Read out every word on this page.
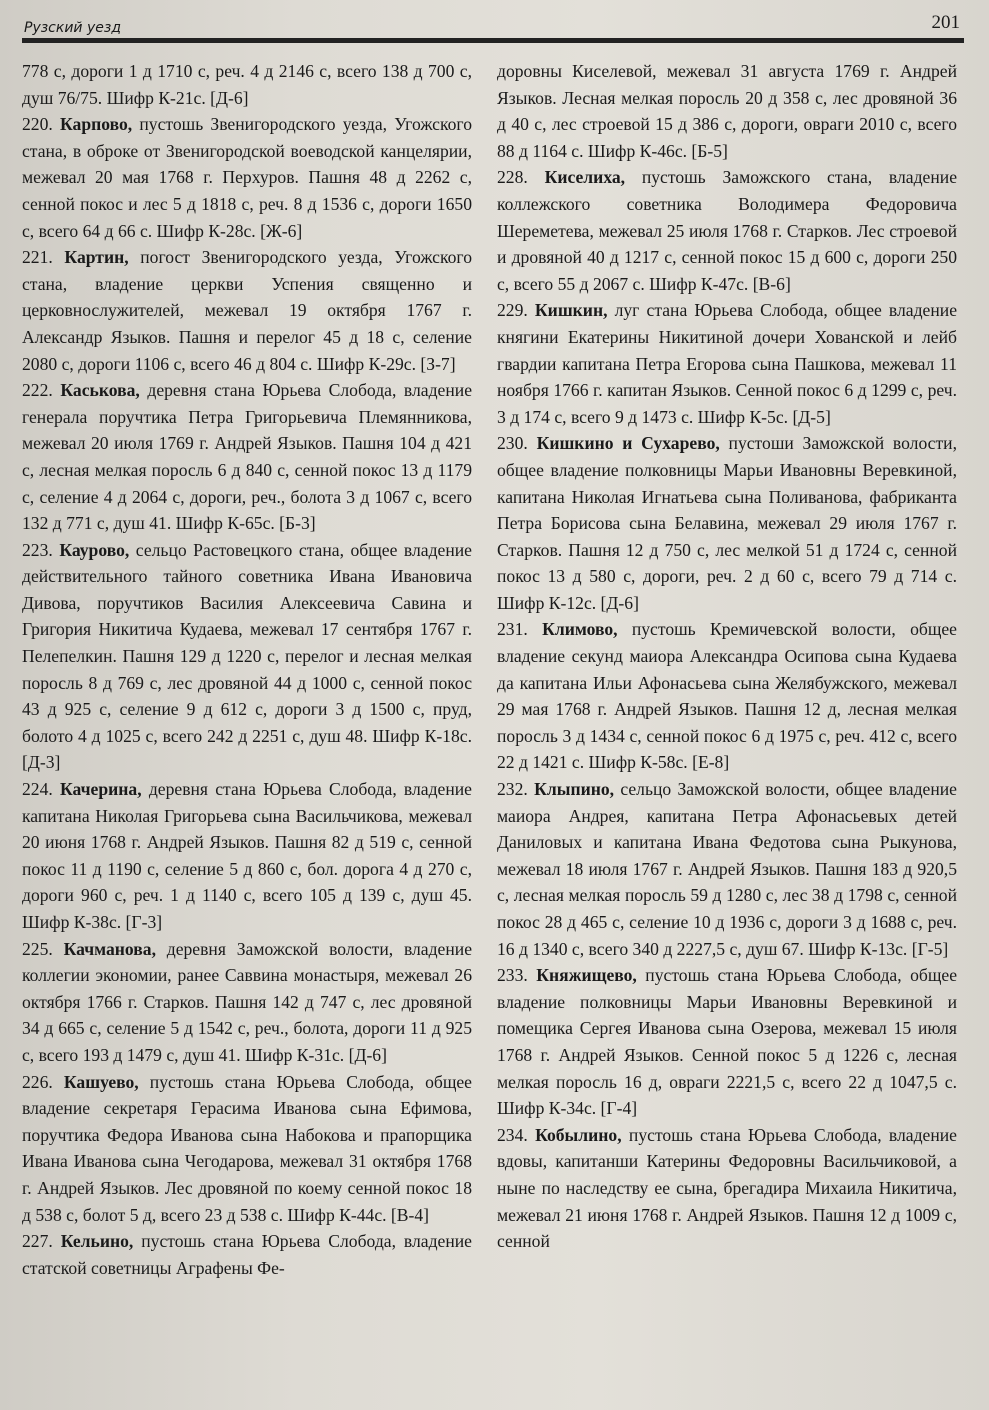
Рузский уезд	201

778 с, дороги 1 д 1710 с, реч. 4 д 2146 с, всего 138 д 700 с, душ 76/75. Шифр К-21с. [Д-6]

220. Карпово, пустошь Звенигородского уезда, Угожского стана, в оброке от Звенигородской воеводской канцелярии, межевал 20 мая 1768 г. Перхуров. Пашня 48 д 2262 с, сенной покос и лес 5 д 1818 с, реч. 8 д 1536 с, дороги 1650 с, всего 64 д 66 с. Шифр К-28с. [Ж-6]

221. Картин, погост Звенигородского уезда, Угожского стана, владение церкви Успения священно и церковнослужителей, межевал 19 октября 1767 г. Александр Языков. Пашня и перелог 45 д 18 с, селение 2080 с, дороги 1106 с, всего 46 д 804 с. Шифр К-29с. [З-7]

222. Каськова, деревня стана Юрьева Слобода, владение генерала поручтика Петра Григорьевича Племянникова, межевал 20 июля 1769 г. Андрей Языков. Пашня 104 д 421 с, лесная мелкая поросль 6 д 840 с, сенной покос 13 д 1179 с, селение 4 д 2064 с, дороги, реч., болота 3 д 1067 с, всего 132 д 771 с, душ 41. Шифр К-65с. [Б-3]

223. Каурово, сельцо Растовецкого стана, общее владение действительного тайного советника Ивана Ивановича Дивова, поручтиков Василия Алексеевича Савина и Григория Никитича Кудаева, межевал 17 сентября 1767 г. Пелепелкин. Пашня 129 д 1220 с, перелог и лесная мелкая поросль 8 д 769 с, лес дровяной 44 д 1000 с, сенной покос 43 д 925 с, селение 9 д 612 с, дороги 3 д 1500 с, пруд, болото 4 д 1025 с, всего 242 д 2251 с, душ 48. Шифр К-18с. [Д-3]

224. Качерина, деревня стана Юрьева Слобода, владение капитана Николая Григорьева сына Васильчикова, межевал 20 июня 1768 г. Андрей Языков. Пашня 82 д 519 с, сенной покос 11 д 1190 с, селение 5 д 860 с, бол. дорога 4 д 270 с, дороги 960 с, реч. 1 д 1140 с, всего 105 д 139 с, душ 45. Шифр К-38с. [Г-3]

225. Качманова, деревня Заможской волости, владение коллегии экономии, ранее Саввина монастыря, межевал 26 октября 1766 г. Старков. Пашня 142 д 747 с, лес дровяной 34 д 665 с, селение 5 д 1542 с, реч., болота, дороги 11 д 925 с, всего 193 д 1479 с, душ 41. Шифр К-31с. [Д-6]

226. Кашуево, пустошь стана Юрьева Слобода, общее владение секретаря Герасима Иванова сына Ефимова, поручтика Федора Иванова сына Набокова и прапорщика Ивана Иванова сына Чегодарова, межевал 31 октября 1768 г. Андрей Языков. Лес дровяной по коему сенной покос 18 д 538 с, болот 5 д, всего 23 д 538 с. Шифр К-44с. [В-4]

227. Кельино, пустошь стана Юрьева Слобода, владение статской советницы Аграфены Фе-

доровны Киселевой, межевал 31 августа 1769 г. Андрей Языков. Лесная мелкая поросль 20 д 358 с, лес дровяной 36 д 40 с, лес строевой 15 д 386 с, дороги, овраги 2010 с, всего 88 д 1164 с. Шифр К-46с. [Б-5]

228. Киселиха, пустошь Заможского стана, владение коллежского советника Володимера Федоровича Шереметева, межевал 25 июля 1768 г. Старков. Лес строевой и дровяной 40 д 1217 с, сенной покос 15 д 600 с, дороги 250 с, всего 55 д 2067 с. Шифр К-47с. [В-6]

229. Кишкин, луг стана Юрьева Слобода, общее владение княгини Екатерины Никитиной дочери Хованской и лейб гвардии капитана Петра Егорова сына Пашкова, межевал 11 ноября 1766 г. капитан Языков. Сенной покос 6 д 1299 с, реч. 3 д 174 с, всего 9 д 1473 с. Шифр К-5с. [Д-5]

230. Кишкино и Сухарево, пустоши Заможской волости, общее владение полковницы Марьи Ивановны Веревкиной, капитана Николая Игнатьева сына Поливанова, фабриканта Петра Борисова сына Белавина, межевал 29 июля 1767 г. Старков. Пашня 12 д 750 с, лес мелкой 51 д 1724 с, сенной покос 13 д 580 с, дороги, реч. 2 д 60 с, всего 79 д 714 с. Шифр К-12с. [Д-6]

231. Климово, пустошь Кремичевской волости, общее владение секунд маиора Александра Осипова сына Кудаева да капитана Ильи Афонасьева сына Желябужского, межевал 29 мая 1768 г. Андрей Языков. Пашня 12 д, лесная мелкая поросль 3 д 1434 с, сенной покос 6 д 1975 с, реч. 412 с, всего 22 д 1421 с. Шифр К-58с. [Е-8]

232. Клыпино, сельцо Заможской волости, общее владение маиора Андрея, капитана Петра Афонасьевых детей Даниловых и капитана Ивана Федотова сына Рыкунова, межевал 18 июля 1767 г. Андрей Языков. Пашня 183 д 920,5 с, лесная мелкая поросль 59 д 1280 с, лес 38 д 1798 с, сенной покос 28 д 465 с, селение 10 д 1936 с, дороги 3 д 1688 с, реч. 16 д 1340 с, всего 340 д 2227,5 с, душ 67. Шифр К-13с. [Г-5]

233. Княжищево, пустошь стана Юрьева Слобода, общее владение полковницы Марьи Ивановны Веревкиной и помещика Сергея Иванова сына Озерова, межевал 15 июля 1768 г. Андрей Языков. Сенной покос 5 д 1226 с, лесная мелкая поросль 16 д, овраги 2221,5 с, всего 22 д 1047,5 с. Шифр К-34с. [Г-4]

234. Кобылино, пустошь стана Юрьева Слобода, владение вдовы, капитанши Катерины Федоровны Васильчиковой, а ныне по наследству ее сына, брегадира Михаила Никитича, межевал 21 июня 1768 г. Андрей Языков. Пашня 12 д 1009 с, сенной
